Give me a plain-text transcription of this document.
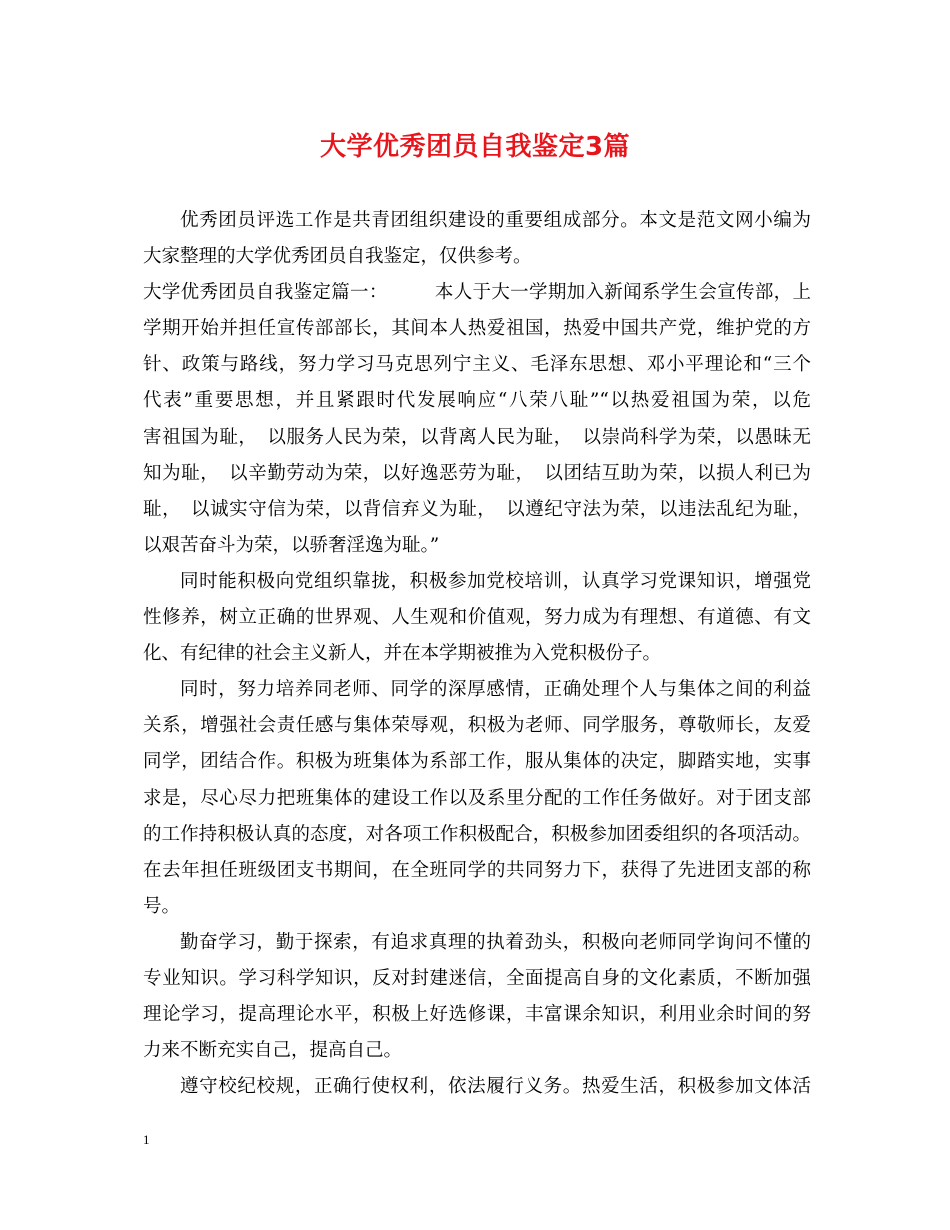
大学优秀团员自我鉴定3篇
优秀团员评选工作是共青团组织建设的重要组成部分。本文是范文网小编为
大家整理的大学优秀团员自我鉴定，仅供参考。
大学优秀团员自我鉴定篇一：　　　本人于大一学期加入新闻系学生会宣传部，上
学期开始并担任宣传部部长，其间本人热爱祖国，热爱中国共产党，维护党的方
针、政策与路线，努力学习马克思列宁主义、毛泽东思想、邓小平理论和“三个
代表”重要思想，并且紧跟时代发展响应“八荣八耻”“以热爱祖国为荣，以危
害祖国为耻，　以服务人民为荣，以背离人民为耻，　以崇尚科学为荣，以愚昧无
知为耻，　以辛勤劳动为荣，以好逸恶劳为耻，　以团结互助为荣，以损人利已为
耻，　以诚实守信为荣，以背信弃义为耻，　以遵纪守法为荣，以违法乱纪为耻，
以艰苦奋斗为荣，以骄奢淫逸为耻。”
同时能积极向党组织靠拢，积极参加党校培训，认真学习党课知识，增强党
性修养，树立正确的世界观、人生观和价值观，努力成为有理想、有道德、有文
化、有纪律的社会主义新人，并在本学期被推为入党积极份子。
同时，努力培养同老师、同学的深厚感情，正确处理个人与集体之间的利益
关系，增强社会责任感与集体荣辱观，积极为老师、同学服务，尊敬师长，友爱
同学，团结合作。积极为班集体为系部工作，服从集体的决定，脚踏实地，实事
求是，尽心尽力把班集体的建设工作以及系里分配的工作任务做好。对于团支部
的工作持积极认真的态度，对各项工作积极配合，积极参加团委组织的各项活动。
在去年担任班级团支书期间，在全班同学的共同努力下，获得了先进团支部的称
号。
勤奋学习，勤于探索，有追求真理的执着劲头，积极向老师同学询问不懂的
专业知识。学习科学知识，反对封建迷信，全面提高自身的文化素质，不断加强
理论学习，提高理论水平，积极上好选修课，丰富课余知识，利用业余时间的努
力来不断充实自己，提高自己。
遵守校纪校规，正确行使权利，依法履行义务。热爱生活，积极参加文体活
1
